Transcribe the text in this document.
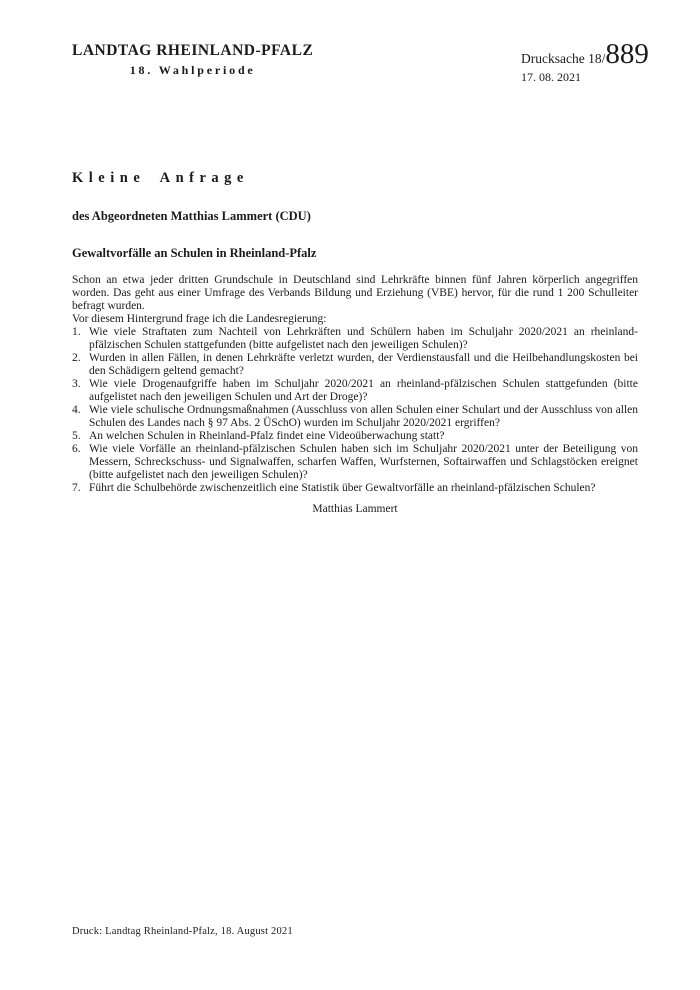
LANDTAG RHEINLAND-PFALZ
18. Wahlperiode
Drucksache 18/ 889
17. 08. 2021
Kleine Anfrage
des Abgeordneten Matthias Lammert (CDU)
Gewaltvorfälle an Schulen in Rheinland-Pfalz

Schon an etwa jeder dritten Grundschule in Deutschland sind Lehrkräfte binnen fünf Jahren körperlich angegriffen worden. Das geht aus einer Umfrage des Verbands Bildung und Erziehung (VBE) hervor, für die rund 1 200 Schulleiter befragt wurden.

Vor diesem Hintergrund frage ich die Landesregierung:

1. Wie viele Straftaten zum Nachteil von Lehrkräften und Schülern haben im Schuljahr 2020/2021 an rheinland-pfälzischen Schulen stattgefunden (bitte aufgelistet nach den jeweiligen Schulen)?
2. Wurden in allen Fällen, in denen Lehrkräfte verletzt wurden, der Verdienstausfall und die Heilbehandlungskosten bei den Schädigern geltend gemacht?
3. Wie viele Drogenaufgriffe haben im Schuljahr 2020/2021 an rheinland-pfälzischen Schulen stattgefunden (bitte aufgelistet nach den jeweiligen Schulen und Art der Droge)?
4. Wie viele schulische Ordnungsmaßnahmen (Ausschluss von allen Schulen einer Schulart und der Ausschluss von allen Schulen des Landes nach § 97 Abs. 2 ÜSchO) wurden im Schuljahr 2020/2021 ergriffen?
5. An welchen Schulen in Rheinland-Pfalz findet eine Videoüberwachung statt?
6. Wie viele Vorfälle an rheinland-pfälzischen Schulen haben sich im Schuljahr 2020/2021 unter der Beteiligung von Messern, Schreckschuss- und Signalwaffen, scharfen Waffen, Wurfsternen, Softairwaffen und Schlagstöcken ereignet (bitte aufgelistet nach den jeweiligen Schulen)?
7. Führt die Schulbehörde zwischenzeitlich eine Statistik über Gewaltvorfälle an rheinland-pfälzischen Schulen?
Matthias Lammert
Druck: Landtag Rheinland-Pfalz, 18. August 2021
